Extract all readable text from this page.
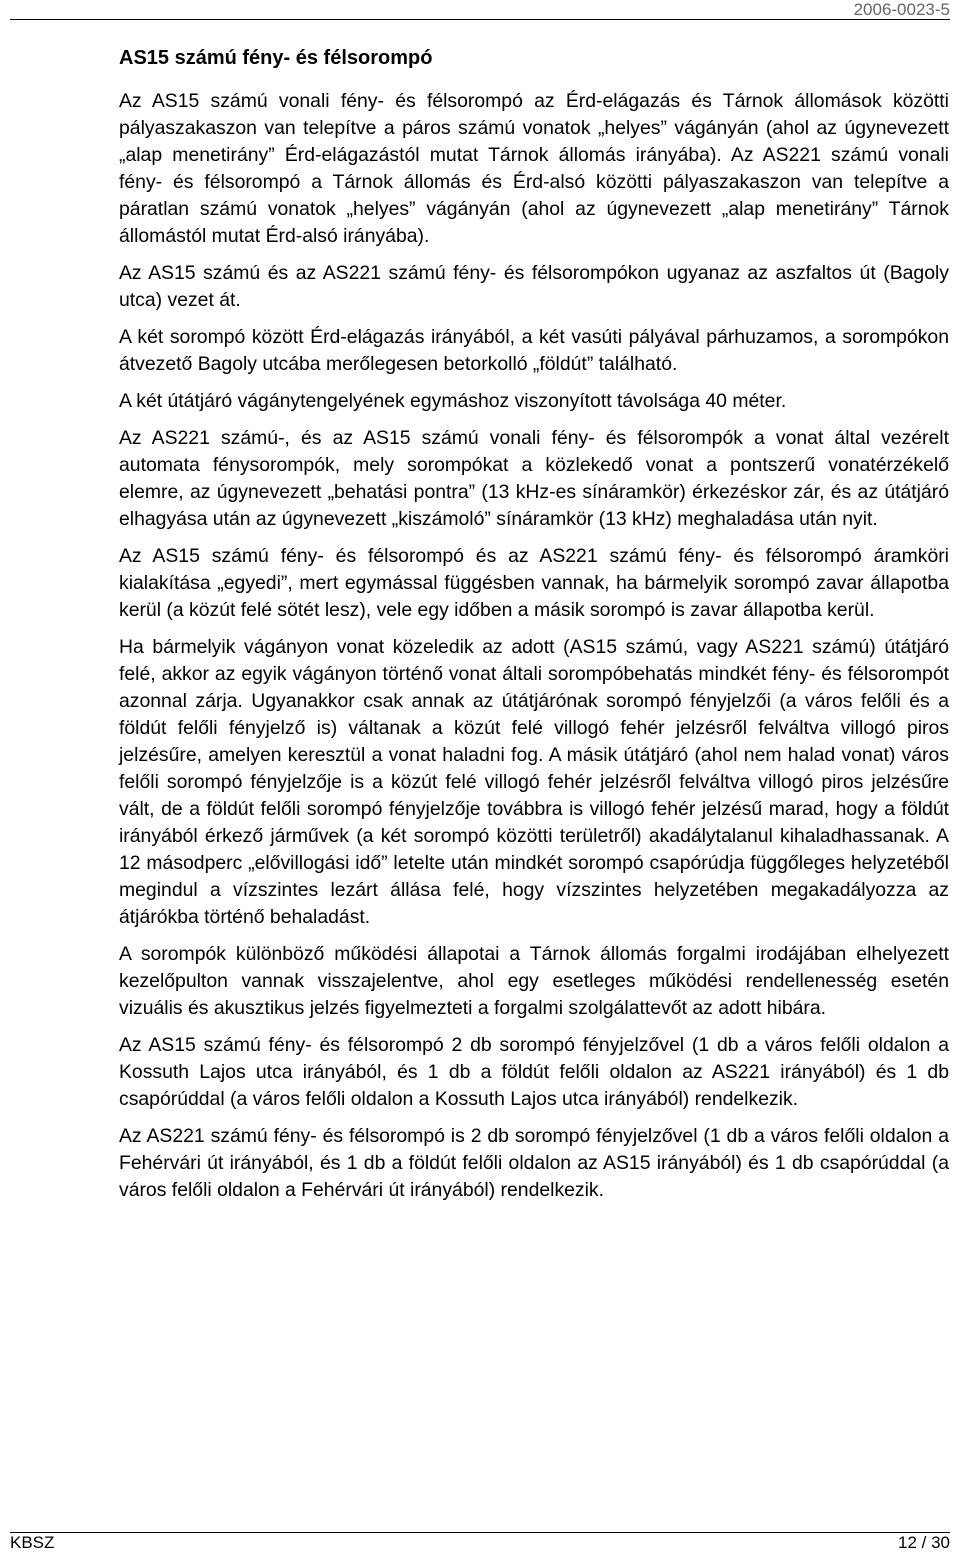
2006-0023-5
AS15 számú fény- és félsorompó

Az AS15 számú vonali fény- és félsorompó az Érd-elágazás és Tárnok állomások közötti pályaszakaszon van telepítve a páros számú vonatok „helyes” vágányán (ahol az úgynevezett „alap menetirány” Érd-elágazástól mutat Tárnok állomás irányába). Az AS221 számú vonali fény- és félsorompó a Tárnok állomás és Érd-alsó közötti pályaszakaszon van telepítve a páratlan számú vonatok „helyes” vágányán (ahol az úgynevezett „alap menetirány” Tárnok állomástól mutat Érd-alsó irányába).

Az AS15 számú és az AS221 számú fény- és félsorompókon ugyanaz az aszfaltos út (Bagoly utca) vezet át.

A két sorompó között Érd-elágazás irányából, a két vasúti pályával párhuzamos, a sorompókon átvezető Bagoly utcába merőlegesen betorkolló „földút” található.

A két útátjáró vágánytengelyének egymáshoz viszonyított távolsága 40 méter.

Az AS221 számú-, és az AS15 számú vonali fény- és félsorompók a vonat által vezérelt automata fénysorompók, mely sorompókat a közlekedő vonat a pontszerű vonatérzékelő elemre, az úgynevezett „behatási pontra” (13 kHz-es sínáramkör) érkezéskor zár, és az útátjáró elhagyása után az úgynevezett „kiszámoló” sínáramkör (13 kHz) meghaladása után nyit.

Az AS15 számú fény- és félsorompó és az AS221 számú fény- és félsorompó áramköri kialakítása „egyedi”, mert egymással függésben vannak, ha bármelyik sorompó zavar állapotba kerül (a közút felé sötét lesz), vele egy időben a másik sorompó is zavar állapotba kerül.

Ha bármelyik vágányon vonat közeledik az adott (AS15 számú, vagy AS221 számú) útátjáró felé, akkor az egyik vágányon történő vonat általi sorompóbehatás mindkét fény- és félsorompót azonnal zárja. Ugyanakkor csak annak az útátjárónak sorompó fényjelzői (a város felőli és a földút felőli fényjelző is) váltanak a közút felé villogó fehér jelzésről felváltva villogó piros jelzésűre, amelyen keresztül a vonat haladni fog. A másik útátjáró (ahol nem halad vonat) város felőli sorompó fényjelzője is a közút felé villogó fehér jelzésről felváltva villogó piros jelzésűre vált, de a földút felőli sorompó fényjelzője továbbra is villogó fehér jelzésű marad, hogy a földút irányából érkező járművek (a két sorompó közötti területről) akadálytalanul kihaladhassanak. A 12 másodperc „elővillogási idő” letelte után mindkét sorompó csapórúdja függőleges helyzetéből megindul a vízszintes lezárt állása felé, hogy vízszintes helyzetében megakadályozza az átjárókba történő behaladást.

A sorompók különböző működési állapotai a Tárnok állomás forgalmi irodájában elhelyezett kezelőpulton vannak visszajelentve, ahol egy esetleges működési rendellenesség esetén vizuális és akusztikus jelzés figyelmezteti a forgalmi szolgálattevőt az adott hibára.

Az AS15 számú fény- és félsorompó 2 db sorompó fényjelzővel (1 db a város felőli oldalon a Kossuth Lajos utca irányából, és 1 db a földút felőli oldalon az AS221 irányából) és 1 db csapórúddal (a város felőli oldalon a Kossuth Lajos utca irányából) rendelkezik.

Az AS221 számú fény- és félsorompó is 2 db sorompó fényjelzővel (1 db a város felőli oldalon a Fehérvári út irányából, és 1 db a földút felőli oldalon az AS15 irányából) és 1 db csapórúddal (a város felőli oldalon a Fehérvári út irányából) rendelkezik.

KBSZ	12 / 30
